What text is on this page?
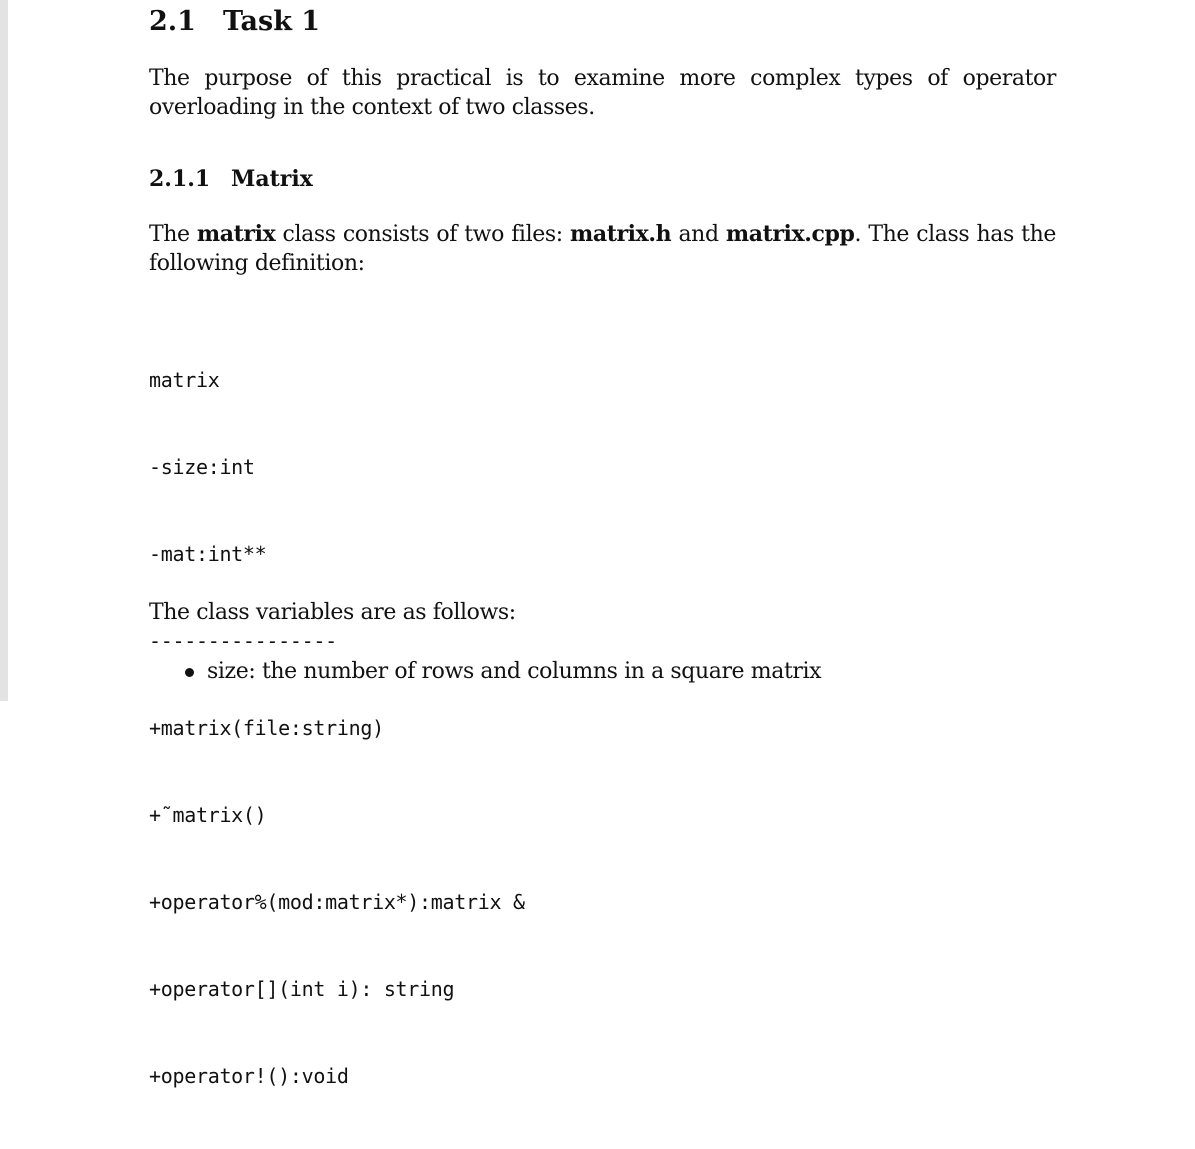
2.1 Task 1

The purpose of this practical is to examine more complex types of operator overloading in the context of two classes.

2.1.1 Matrix

The matrix class consists of two files: matrix.h and matrix.cpp. The class has the following definition:

matrix

-size:int

-mat:int**

----------------

+matrix(file:string)

+˜matrix()

+operator%(mod:matrix*):matrix &

+operator[](int i): string

+operator!():void

The class variables are as follows:

size: the number of rows and columns in a square matrix
